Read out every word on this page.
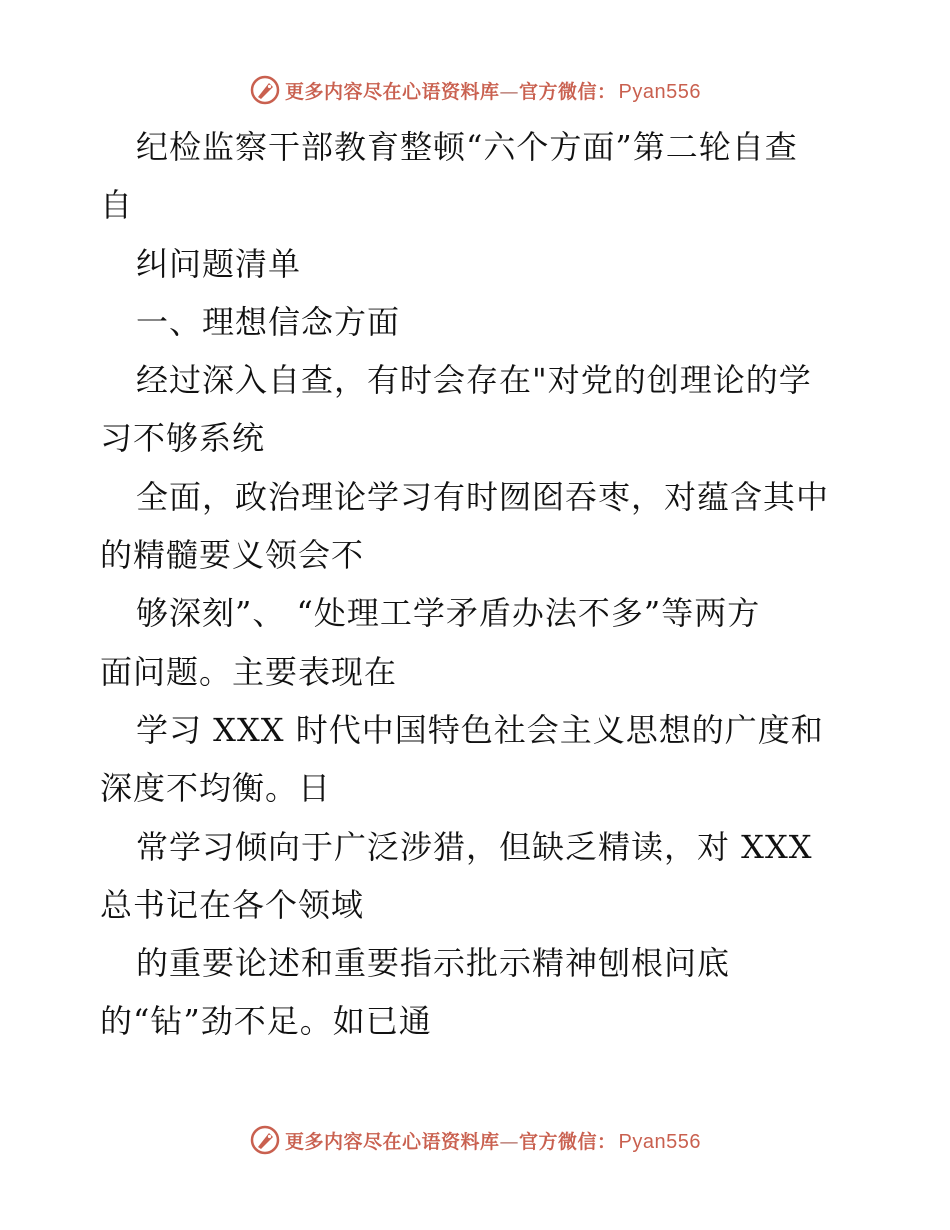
更多内容尽在心语资料库—官方微信： Pyan556
纪检监察干部教育整顿“六个方面”第二轮自查
自
纠问题清单
一、理想信念方面
经过深入自查，有时会存在"对党的创理论的学
习不够系统
全面，政治理论学习有时囫囵吞枣，对蕴含其中
的精髓要义领会不
够深刻”、 “处理工学矛盾办法不多”等两方
面问题。主要表现在
学习 XXX 时代中国特色社会主义思想的广度和
深度不均衡。日
常学习倾向于广泛涉猎，但缺乏精读，对 XXX
总书记在各个领域
的重要论述和重要指示批示精神刨根问底
的“钻”劲不足。如已通
更多内容尽在心语资料库—官方微信： Pyan556
